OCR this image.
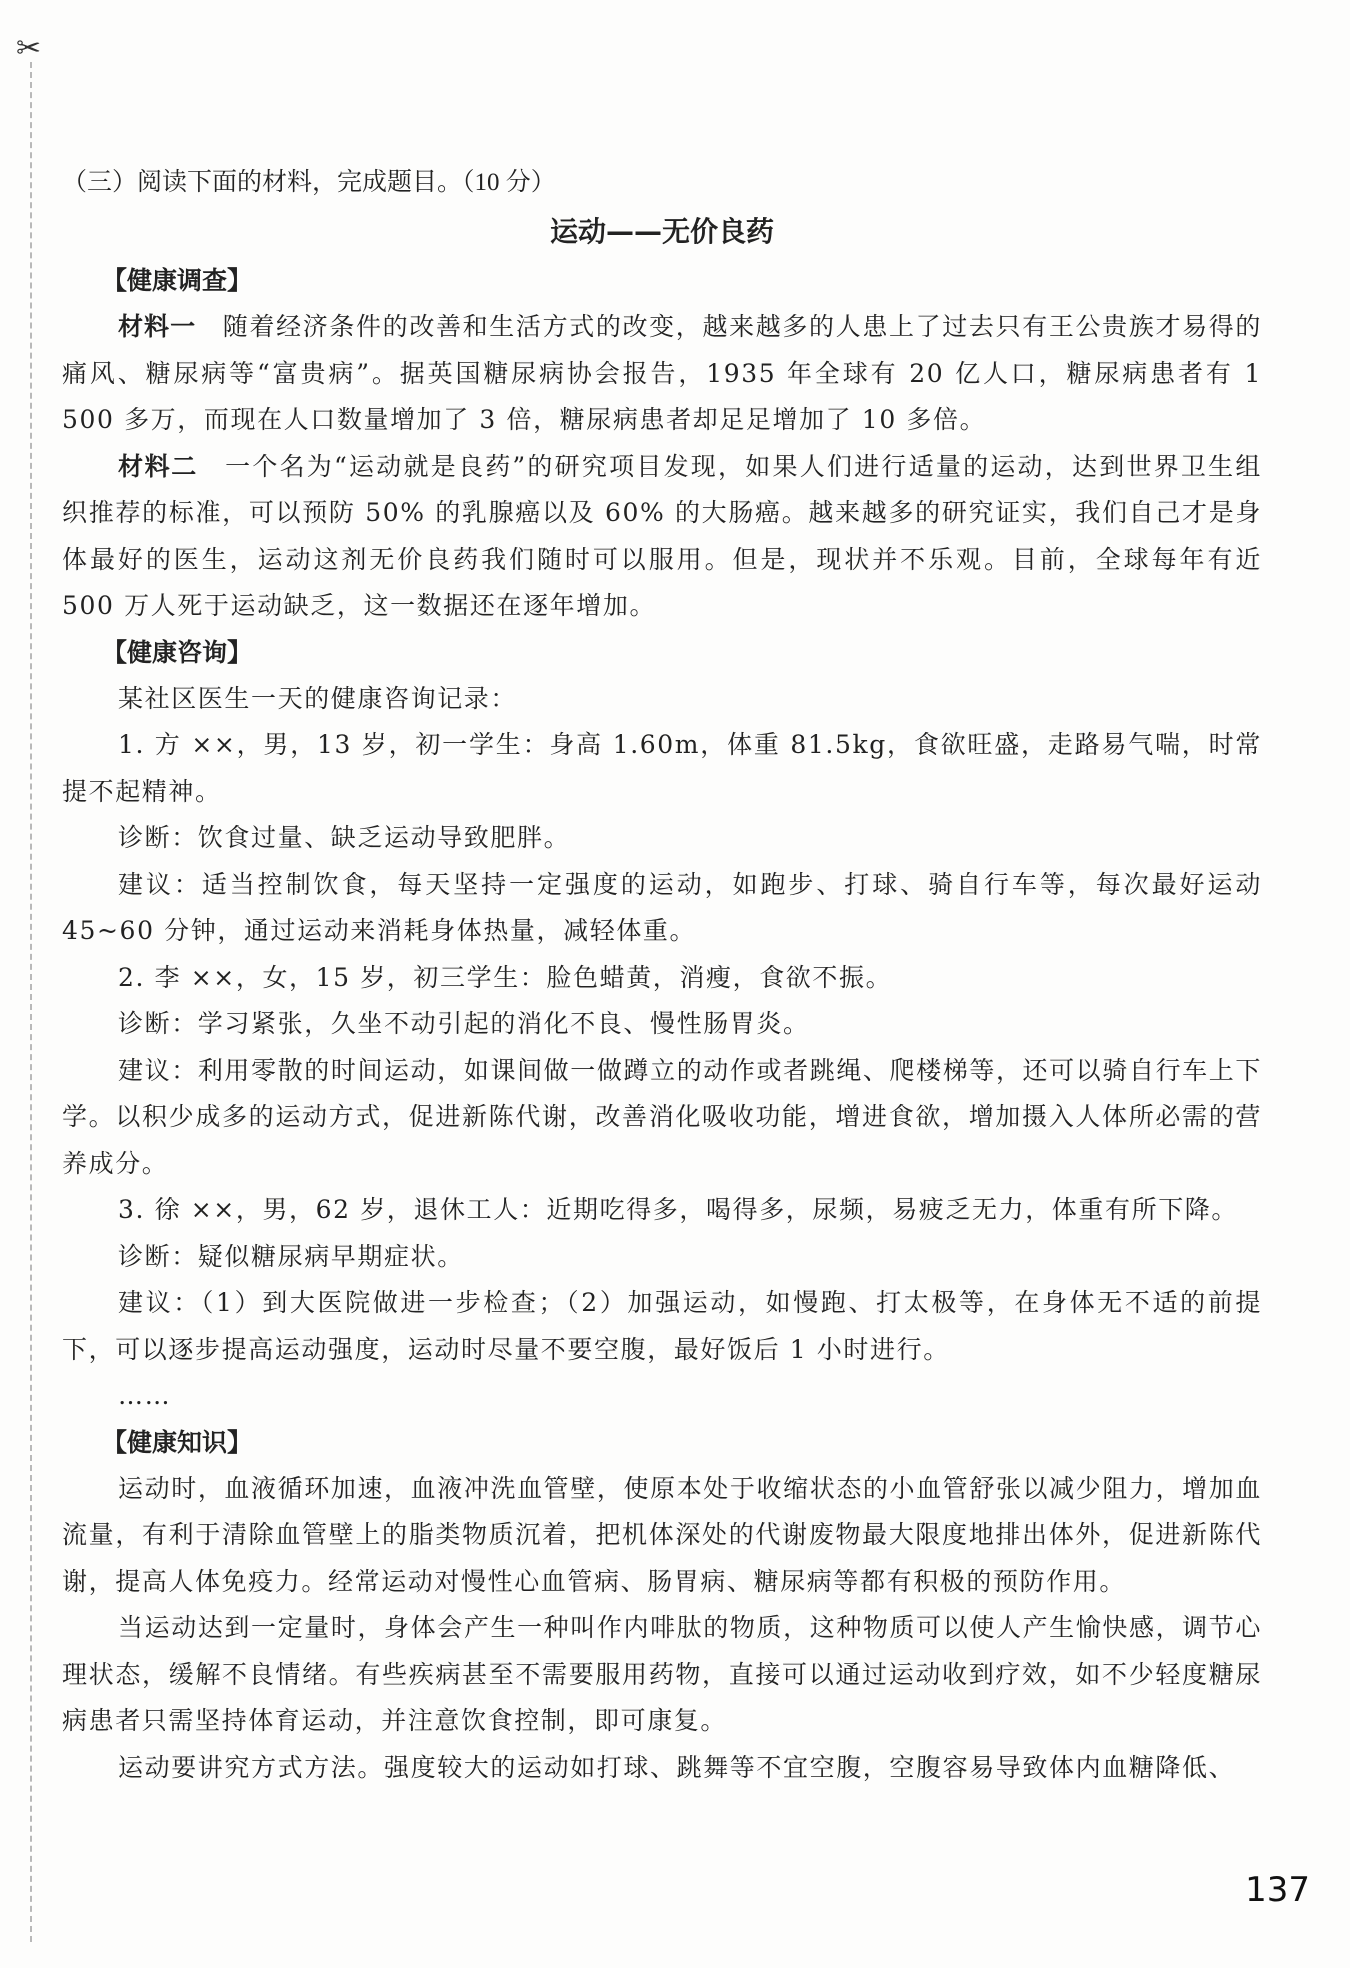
✂

（三）阅读下面的材料，完成题目。（10 分）

运动——无价良药

【健康调查】

材料一　随着经济条件的改善和生活方式的改变，越来越多的人患上了过去只有王公贵族才易得的痛风、糖尿病等“富贵病”。据英国糖尿病协会报告，1935 年全球有 20 亿人口，糖尿病患者有 1 500 多万，而现在人口数量增加了 3 倍，糖尿病患者却足足增加了 10 多倍。

材料二　一个名为“运动就是良药”的研究项目发现，如果人们进行适量的运动，达到世界卫生组织推荐的标准，可以预防 50% 的乳腺癌以及 60% 的大肠癌。越来越多的研究证实，我们自己才是身体最好的医生，运动这剂无价良药我们随时可以服用。但是，现状并不乐观。目前，全球每年有近 500 万人死于运动缺乏，这一数据还在逐年增加。

【健康咨询】

某社区医生一天的健康咨询记录：

1. 方 ××，男，13 岁，初一学生：身高 1.60m，体重 81.5kg，食欲旺盛，走路易气喘，时常提不起精神。

诊断：饮食过量、缺乏运动导致肥胖。

建议：适当控制饮食，每天坚持一定强度的运动，如跑步、打球、骑自行车等，每次最好运动 45~60 分钟，通过运动来消耗身体热量，减轻体重。

2. 李 ××，女，15 岁，初三学生：脸色蜡黄，消瘦，食欲不振。

诊断：学习紧张，久坐不动引起的消化不良、慢性肠胃炎。

建议：利用零散的时间运动，如课间做一做蹲立的动作或者跳绳、爬楼梯等，还可以骑自行车上下学。以积少成多的运动方式，促进新陈代谢，改善消化吸收功能，增进食欲，增加摄入人体所必需的营养成分。

3. 徐 ××，男，62 岁，退休工人：近期吃得多，喝得多，尿频，易疲乏无力，体重有所下降。

诊断：疑似糖尿病早期症状。

建议：（1）到大医院做进一步检查；（2）加强运动，如慢跑、打太极等，在身体无不适的前提下，可以逐步提高运动强度，运动时尽量不要空腹，最好饭后 1 小时进行。

……

【健康知识】

运动时，血液循环加速，血液冲洗血管壁，使原本处于收缩状态的小血管舒张以减少阻力，增加血流量，有利于清除血管壁上的脂类物质沉着，把机体深处的代谢废物最大限度地排出体外，促进新陈代谢，提高人体免疫力。经常运动对慢性心血管病、肠胃病、糖尿病等都有积极的预防作用。

当运动达到一定量时，身体会产生一种叫作内啡肽的物质，这种物质可以使人产生愉快感，调节心理状态，缓解不良情绪。有些疾病甚至不需要服用药物，直接可以通过运动收到疗效，如不少轻度糖尿病患者只需坚持体育运动，并注意饮食控制，即可康复。

运动要讲究方式方法。强度较大的运动如打球、跳舞等不宜空腹，空腹容易导致体内血糖降低、

137
